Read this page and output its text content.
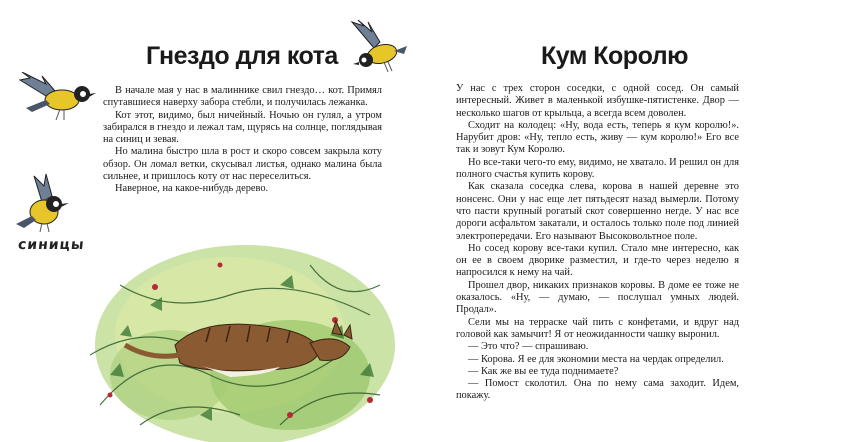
синицы

Гнездо для кота

В начале мая у нас в малиннике свил гнездо… кот. Примял спутавшиеся наверху забора стебли, и получилась лежанка.

Кот этот, видимо, был ничейный. Ночью он гулял, а утром забирался в гнездо и лежал там, щурясь на солнце, поглядывая на синиц и зевая.

Но малина быстро шла в рост и скоро совсем закрыла коту обзор. Он ломал ветки, скусывал листья, однако малина была сильнее, и пришлось коту от нас переселиться.

Наверное, на какое-нибудь дерево.

Кум Королю

У нас с трех сторон соседки, с одной сосед. Он самый интересный. Живет в маленькой избушке-пятистенке. Двор — несколько шагов от крыльца, а всегда всем доволен.

Сходит на колодец: «Ну, вода есть, теперь я кум королю!». Нарубит дров: «Ну, тепло есть, живу — кум королю!» Его все так и зовут Кум Королю.

Но все-таки чего-то ему, видимо, не хватало. И решил он для полного счастья купить корову.

Как сказала соседка слева, корова в нашей деревне это нонсенс. Они у нас еще лет пятьдесят назад вымерли. Потому что пасти крупный рогатый скот совершенно негде. У нас все дороги асфальтом закатали, и осталось только поле под линией электропередачи. Его называют Высоковольтное поле.

Но сосед корову все-таки купил. Стало мне интересно, как он ее в своем дворике разместил, и где-то через неделю я напросился к нему на чай.

Прошел двор, никаких признаков коровы. В доме ее тоже не оказалось. «Ну, — думаю, — послушал умных людей. Продал».

Сели мы на терраске чай пить с конфетами, и вдруг над головой как замычит! Я от неожиданности чашку выронил.

— Это что? — спрашиваю.

— Корова. Я ее для экономии места на чердак определил.

— Как же вы ее туда поднимаете?

— Помост сколотил. Она по нему сама заходит. Идем, покажу.
